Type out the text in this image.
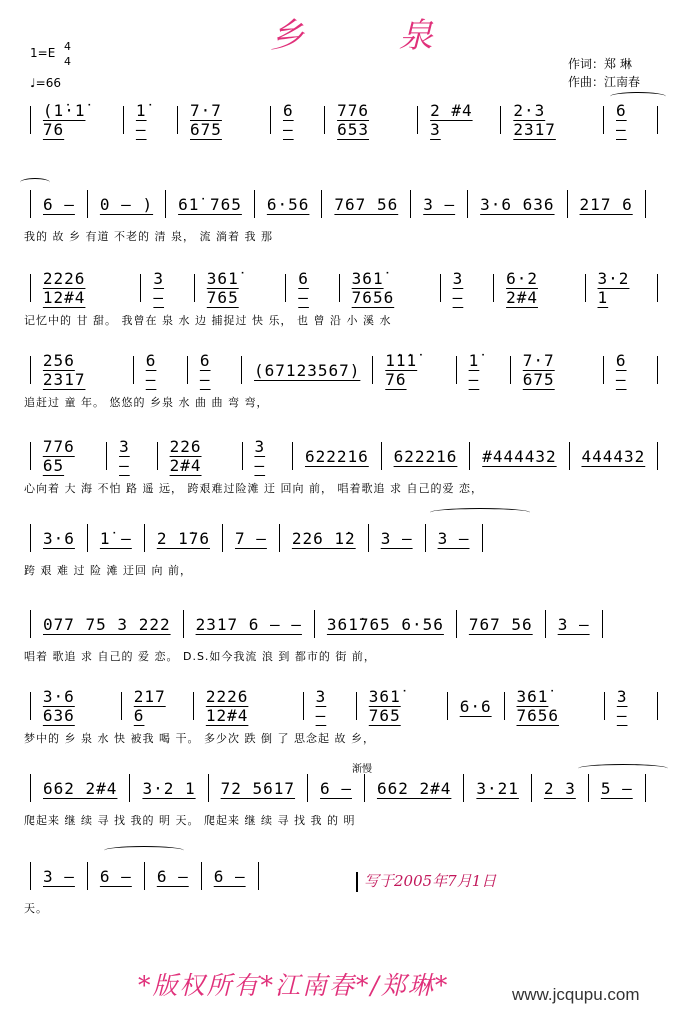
乡 泉
1=E 4
4
♩=66
作词：郑 琳
作曲：江南春
(1̇·1̇ 76
1̇ –
7·7 675
6 –
776 653
2 #4 3
2·3 2317
6 –
6 – 0 – ) 61̇ 765 6·56 767 56 3 – 3·6 636 217 6
我的 故 乡 有道 不老的 清 泉， 流 淌着 我 那
2226 12#4
3 –
361̇ 765
6 –
361̇ 7656
3 –
6·2 2#4
3·2 1
记忆中的 甘 甜。 我曾在 泉 水 边 捕捉过 快 乐， 也 曾 沿 小 溪 水
256 2317
6 –
6 –	(67123567) 1̇1̇1̇ 76
1̇ –
7·7 675
6 –
追赶过 童 年。 悠悠的 乡泉 水 曲 曲 弯 弯，
776 65
3 –
226 2#4
3 –	622216 622216 #444432 444432
心向着 大 海 不怕 路 遥 远， 跨艰难过险滩 迂 回向 前， 唱着歌追 求 自己的爱 恋，
3·6 1̇ – 2 1̇76 7 – 226 1̇2 3 – 3 –
跨 艰 难 过 险 滩 迂回 向 前，
077 75 3 222 2317 6 – – 361̇765 6·56 767 56 3 –
唱着 歌追 求 自己的 爱 恋。 D.S.如今我流 浪 到 都市的 街 前，
3·6 636
217 6
2226 12#4
3 –
361̇ 765	6·6 361̇ 7656
3 –
梦中的 乡 泉 水 快 被我 喝 干。 多少次 跌 倒 了 思念起 故 乡，
662 2#4 3·2 1 72 5617 6 – 662 2#4 3·21 2 3 5 –
渐慢
爬起来 继 续 寻 找 我的 明 天。 爬起来 继 续 寻 找 我 的 明
3 – 6 – 6 – 6 –
天。
写于2005年7月1日
*版权所有*江南春*/郑琳*	www.jcqupu.com
